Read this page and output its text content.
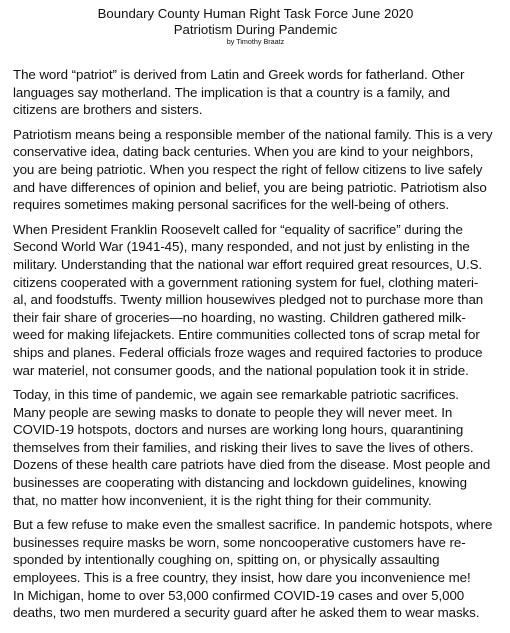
Boundary County Human Right Task Force June 2020

Patriotism During Pandemic

by Timothy Braatz

The word “patriot” is derived from Latin and Greek words for fatherland. Other
languages say motherland. The implication is that a country is a family, and
citizens are brothers and sisters.

Patriotism means being a responsible member of the national family. This is a very
conservative idea, dating back centuries. When you are kind to your neighbors,
you are being patriotic. When you respect the right of fellow citizens to live safely
and have differences of opinion and belief, you are being patriotic. Patriotism also
requires sometimes making personal sacrifices for the well-being of others.

When President Franklin Roosevelt called for “equality of sacrifice” during the
Second World War (1941-45), many responded, and not just by enlisting in the
military. Understanding that the national war effort required great resources, U.S.
citizens cooperated with a government rationing system for fuel, clothing materi-
al, and foodstuffs. Twenty million housewives pledged not to purchase more than
their fair share of groceries—no hoarding, no wasting. Children gathered milk-
weed for making lifejackets. Entire communities collected tons of scrap metal for
ships and planes. Federal officials froze wages and required factories to produce
war materiel, not consumer goods, and the national population took it in stride.

Today, in this time of pandemic, we again see remarkable patriotic sacrifices.
Many people are sewing masks to donate to people they will never meet. In
COVID-19 hotspots, doctors and nurses are working long hours, quarantining
themselves from their families, and risking their lives to save the lives of others.
Dozens of these health care patriots have died from the disease. Most people and
businesses are cooperating with distancing and lockdown guidelines, knowing
that, no matter how inconvenient, it is the right thing for their community.

But a few refuse to make even the smallest sacrifice. In pandemic hotspots, where
businesses require masks be worn, some noncooperative customers have re-
sponded by intentionally coughing on, spitting on, or physically assaulting
employees. This is a free country, they insist, how dare you inconvenience me!
In Michigan, home to over 53,000 confirmed COVID-19 cases and over 5,000
deaths, two men murdered a security guard after he asked them to wear masks.
